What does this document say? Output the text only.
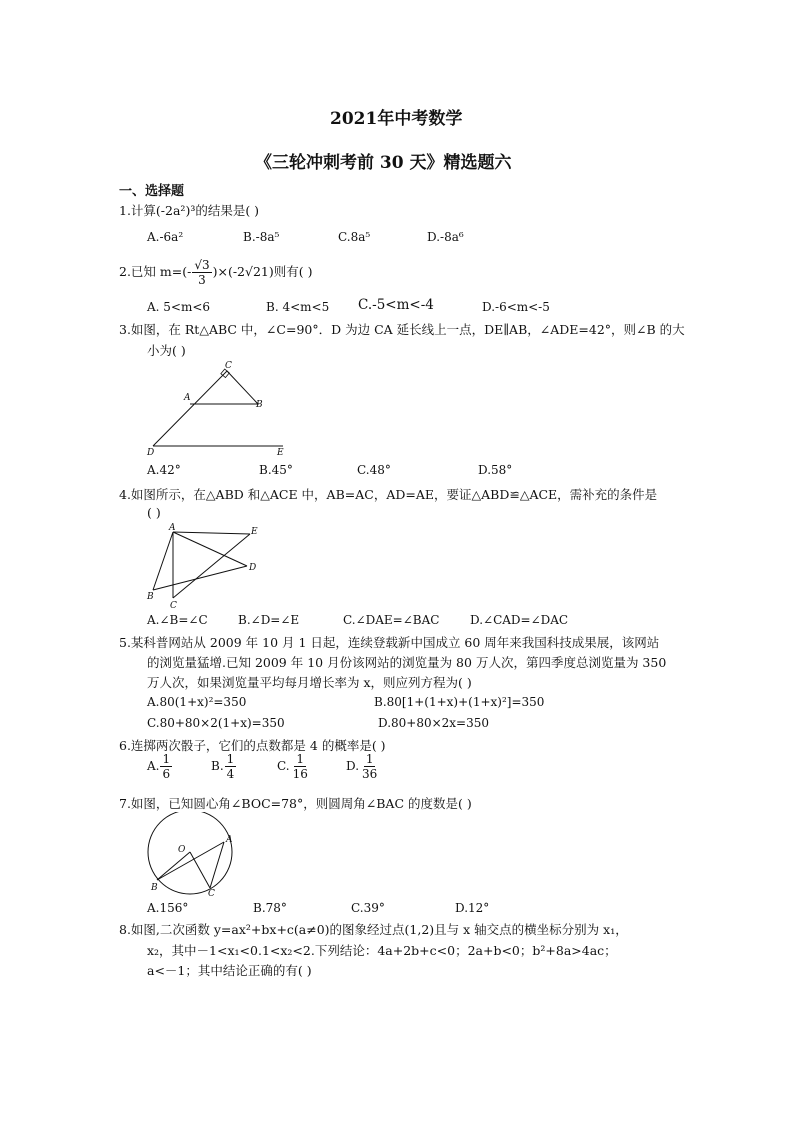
2021年中考数学
《三轮冲刺考前 30 天》精选题六
一、选择题
1.计算(-2a²)³的结果是( )
A.-6a²	B.-8a⁵	C.8a⁵	D.-8a⁶
2.已知 $m=(- \frac{√3}{3} )\times(-2√21)$则有( )
A. 5<m<6	B. 4<m<5 C.-5<m<-4	D.-6<m<-5
3.如图，在 Rt△ABC 中，∠C=90°．D 为边 CA 延长线上一点，DE∥AB，∠ADE=42°，则∠B 的大
小为( )
C
A
B
D	E
A.42°	B.45°	C.48°	D.58°
4.如图所示，在△ABD 和△ACE 中，AB=AC，AD=AE，要证△ABD≌△ACE，需补充的条件是
( )
A	E
D
B
C
A.∠B=∠C	B.∠D=∠E	C.∠DAE=∠BAC	D.∠CAD=∠DAC
5.某科普网站从 2009 年 10 月 1 日起，连续登载新中国成立 60 周年来我国科技成果展，该网站
的浏览量猛增.已知 2009 年 10 月份该网站的浏览量为 80 万人次，第四季度总浏览量为 350
万人次，如果浏览量平均每月增长率为 x，则应列方程为( )
A.80(1+x)²=350	B.80[1+(1+x)+(1+x)²]=350
C.80+80×2(1+x)=350	D.80+80×2x=350
6.连掷两次骰子，它们的点数都是 4 的概率是( )
A. $\frac{1}{6}$	B. $\frac{1}{4}$	C. $\frac{1}{16}$	D. $\frac{1}{36}$
7.如图，已知圆心角∠BOC=78°，则圆周角∠BAC 的度数是( )
O
A
B
C
A.156°	B.78°	C.39°	D.12°
8.如图,二次函数 y=ax²+bx+c(a≠0)的图象经过点(1,2)且与 x 轴交点的横坐标分别为 x₁，
x₂，其中－1<x₁<0.1<x₂<2.下列结论：4a+2b+c<0；2a+b<0；b²+8a>4ac；
a<－1；其中结论正确的有( )
